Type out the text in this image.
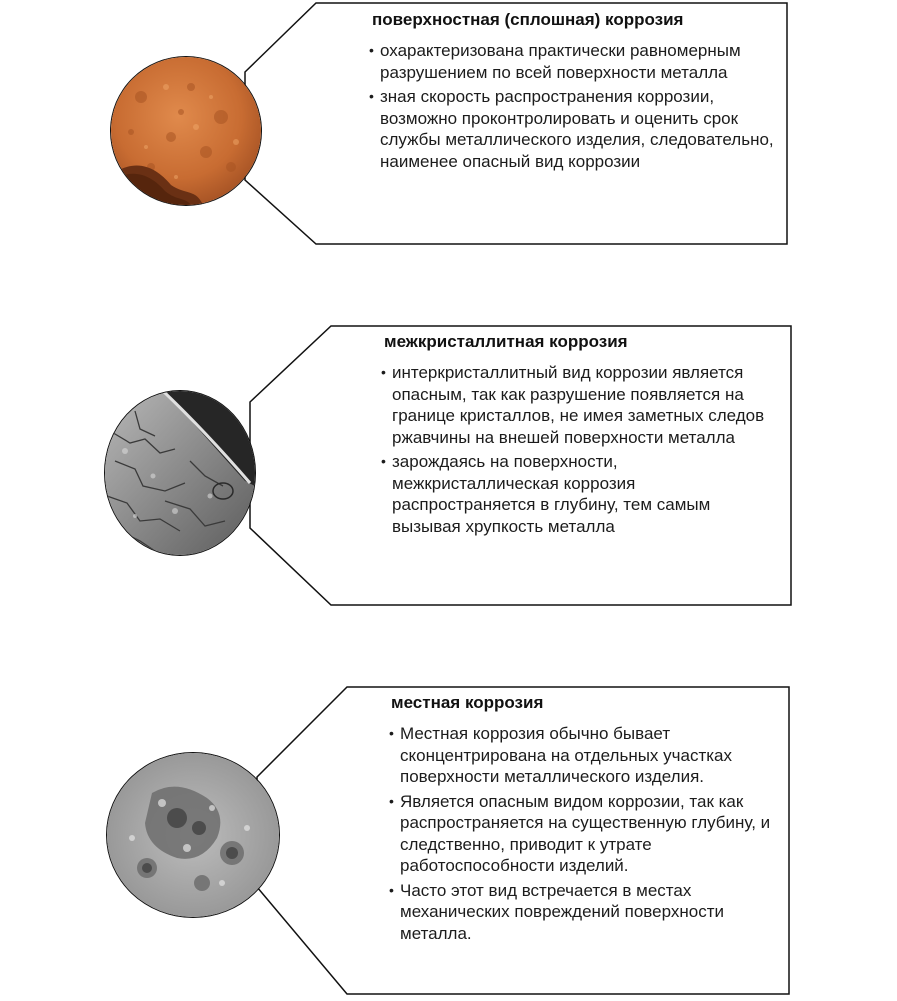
поверхностная (сплошная) коррозия
• охарактеризована практически равномерным разрушением по всей поверхности металла
• зная скорость распространения коррозии, возможно проконтролировать и оценить срок службы металлического изделия, следовательно, наименее опасный вид коррозии
межкристаллитная коррозия
• интеркристаллитный вид коррозии является опасным, так как разрушение появляется на границе кристаллов, не имея заметных следов ржавчины на внешей поверхности металла
• зарождаясь на поверхности, межкристаллическая коррозия распространяется в глубину, тем самым вызывая хрупкость металла
местная коррозия
• Местная коррозия обычно бывает сконцентрирована на отдельных участках поверхности металлического изделия.
• Является опасным видом коррозии, так как распространяется на существенную глубину, и следственно, приводит к утрате работоспособности изделий.
• Часто этот вид встречается в местах механических повреждений поверхности металла.
